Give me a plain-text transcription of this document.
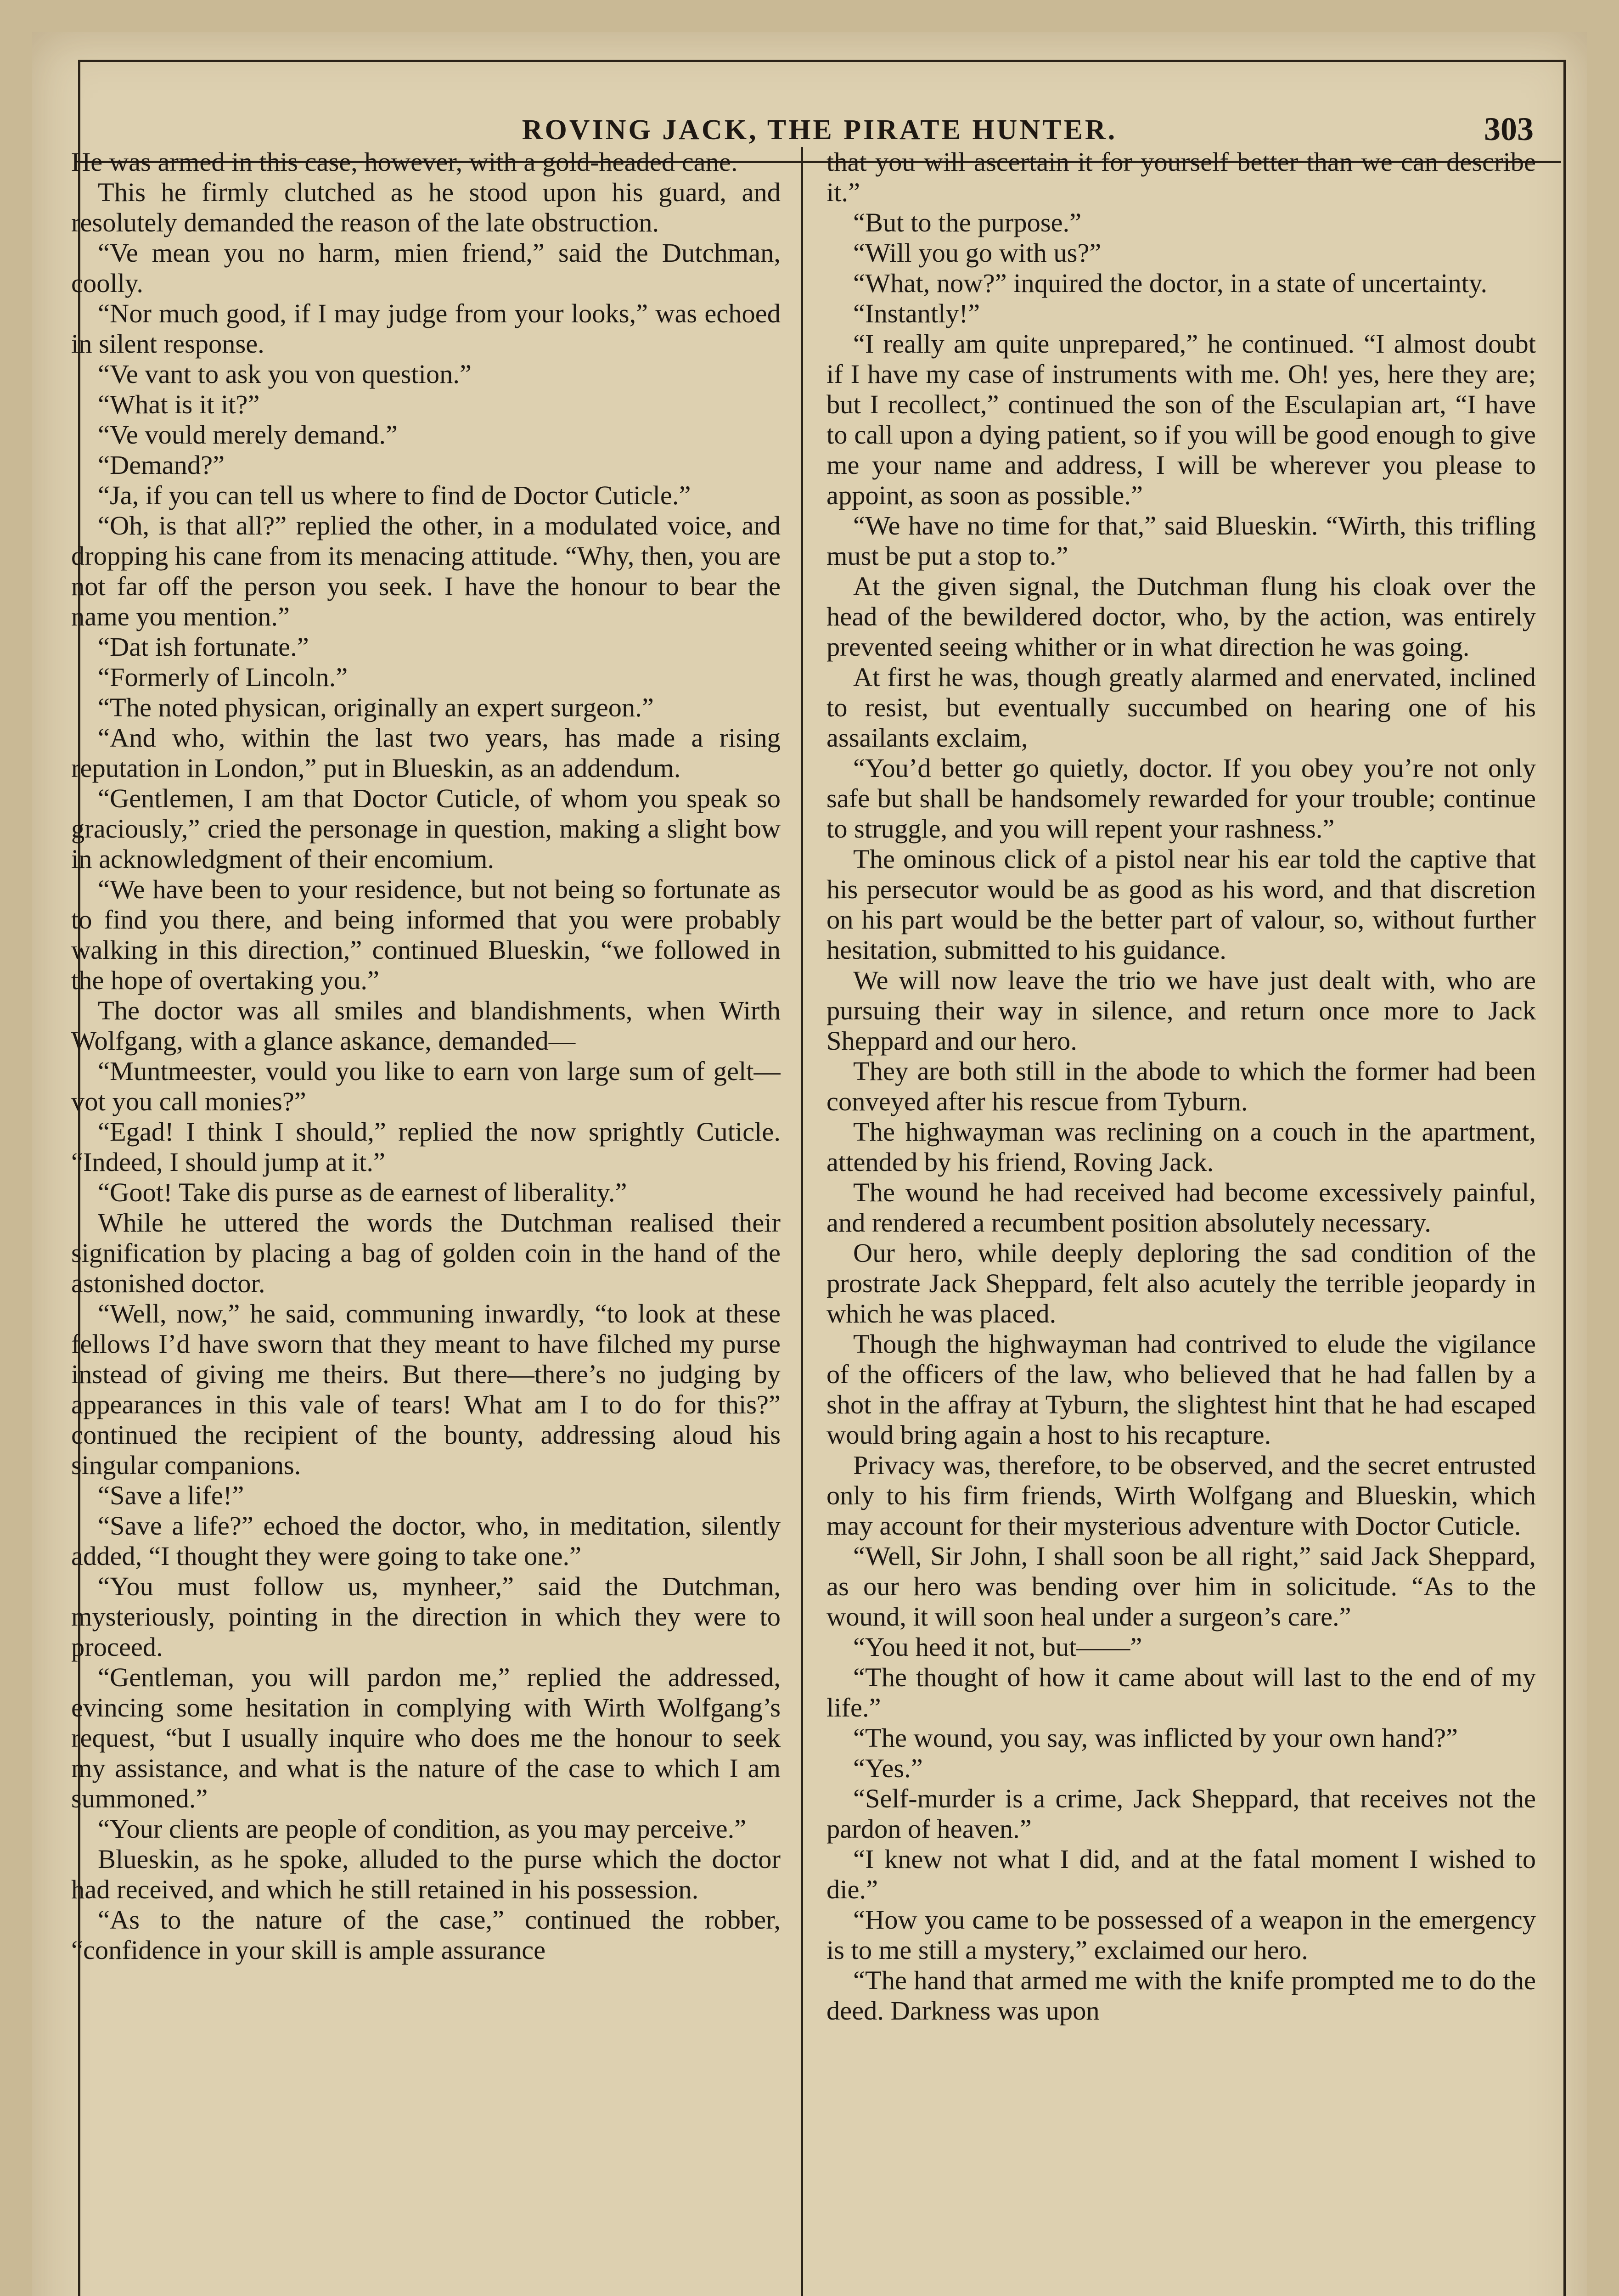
ROVING JACK, THE PIRATE HUNTER.	303

He was armed in this case, however, with a gold-headed cane.

This he firmly clutched as he stood upon his guard, and resolutely demanded the reason of the late obstruction.

“Ve mean you no harm, mien friend,” said the Dutchman, coolly.

“Nor much good, if I may judge from your looks,” was echoed in silent response.

“Ve vant to ask you von question.”

“What is it it?”

“Ve vould merely demand.”

“Demand?”

“Ja, if you can tell us where to find de Doctor Cuticle.”

“Oh, is that all?” replied the other, in a modulated voice, and dropping his cane from its menacing attitude. “Why, then, you are not far off the person you seek. I have the honour to bear the name you mention.”

“Dat ish fortunate.”

“Formerly of Lincoln.”

“The noted physican, originally an expert surgeon.”

“And who, within the last two years, has made a rising reputation in London,” put in Blueskin, as an addendum.

“Gentlemen, I am that Doctor Cuticle, of whom you speak so graciously,” cried the personage in question, making a slight bow in acknowledgment of their encomium.

“We have been to your residence, but not being so fortunate as to find you there, and being informed that you were probably walking in this direction,” continued Blueskin, “we followed in the hope of overtaking you.”

The doctor was all smiles and blandishments, when Wirth Wolfgang, with a glance askance, demanded—

“Muntmeester, vould you like to earn von large sum of gelt—vot you call monies?”

“Egad! I think I should,” replied the now sprightly Cuticle. “Indeed, I should jump at it.”

“Goot! Take dis purse as de earnest of liberality.”

While he uttered the words the Dutchman realised their signification by placing a bag of golden coin in the hand of the astonished doctor.

“Well, now,” he said, communing inwardly, “to look at these fellows I’d have sworn that they meant to have filched my purse instead of giving me theirs. But there—there’s no judging by appearances in this vale of tears! What am I to do for this?” continued the recipient of the bounty, addressing aloud his singular companions.

“Save a life!”

“Save a life?” echoed the doctor, who, in meditation, silently added, “I thought they were going to take one.”

“You must follow us, mynheer,” said the Dutchman, mysteriously, pointing in the direction in which they were to proceed.

“Gentleman, you will pardon me,” replied the addressed, evincing some hesitation in complying with Wirth Wolfgang’s request, “but I usually inquire who does me the honour to seek my assistance, and what is the nature of the case to which I am summoned.”

“Your clients are people of condition, as you may perceive.”

Blueskin, as he spoke, alluded to the purse which the doctor had received, and which he still retained in his possession.

“As to the nature of the case,” continued the robber, “confidence in your skill is ample assurance

that you will ascertain it for yourself better than we can describe it.”

“But to the purpose.”

“Will you go with us?”

“What, now?” inquired the doctor, in a state of uncertainty.

“Instantly!”

“I really am quite unprepared,” he continued. “I almost doubt if I have my case of instruments with me. Oh! yes, here they are; but I recollect,” continued the son of the Esculapian art, “I have to call upon a dying patient, so if you will be good enough to give me your name and address, I will be wherever you please to appoint, as soon as possible.”

“We have no time for that,” said Blueskin. “Wirth, this trifling must be put a stop to.”

At the given signal, the Dutchman flung his cloak over the head of the bewildered doctor, who, by the action, was entirely prevented seeing whither or in what direction he was going.

At first he was, though greatly alarmed and enervated, inclined to resist, but eventually succumbed on hearing one of his assailants exclaim,

“You’d better go quietly, doctor. If you obey you’re not only safe but shall be handsomely rewarded for your trouble; continue to struggle, and you will repent your rashness.”

The ominous click of a pistol near his ear told the captive that his persecutor would be as good as his word, and that discretion on his part would be the better part of valour, so, without further hesitation, submitted to his guidance.

We will now leave the trio we have just dealt with, who are pursuing their way in silence, and return once more to Jack Sheppard and our hero.

They are both still in the abode to which the former had been conveyed after his rescue from Tyburn.

The highwayman was reclining on a couch in the apartment, attended by his friend, Roving Jack.

The wound he had received had become excessively painful, and rendered a recumbent position absolutely necessary.

Our hero, while deeply deploring the sad condition of the prostrate Jack Sheppard, felt also acutely the terrible jeopardy in which he was placed.

Though the highwayman had contrived to elude the vigilance of the officers of the law, who believed that he had fallen by a shot in the affray at Tyburn, the slightest hint that he had escaped would bring again a host to his recapture.

Privacy was, therefore, to be observed, and the secret entrusted only to his firm friends, Wirth Wolfgang and Blueskin, which may account for their mysterious adventure with Doctor Cuticle.

“Well, Sir John, I shall soon be all right,” said Jack Sheppard, as our hero was bending over him in solicitude. “As to the wound, it will soon heal under a surgeon’s care.”

“You heed it not, but——”

“The thought of how it came about will last to the end of my life.”

“The wound, you say, was inflicted by your own hand?”

“Yes.”

“Self-murder is a crime, Jack Sheppard, that receives not the pardon of heaven.”

“I knew not what I did, and at the fatal moment I wished to die.”

“How you came to be possessed of a weapon in the emergency is to me still a mystery,” exclaimed our hero.

“The hand that armed me with the knife prompted me to do the deed. Darkness was upon
